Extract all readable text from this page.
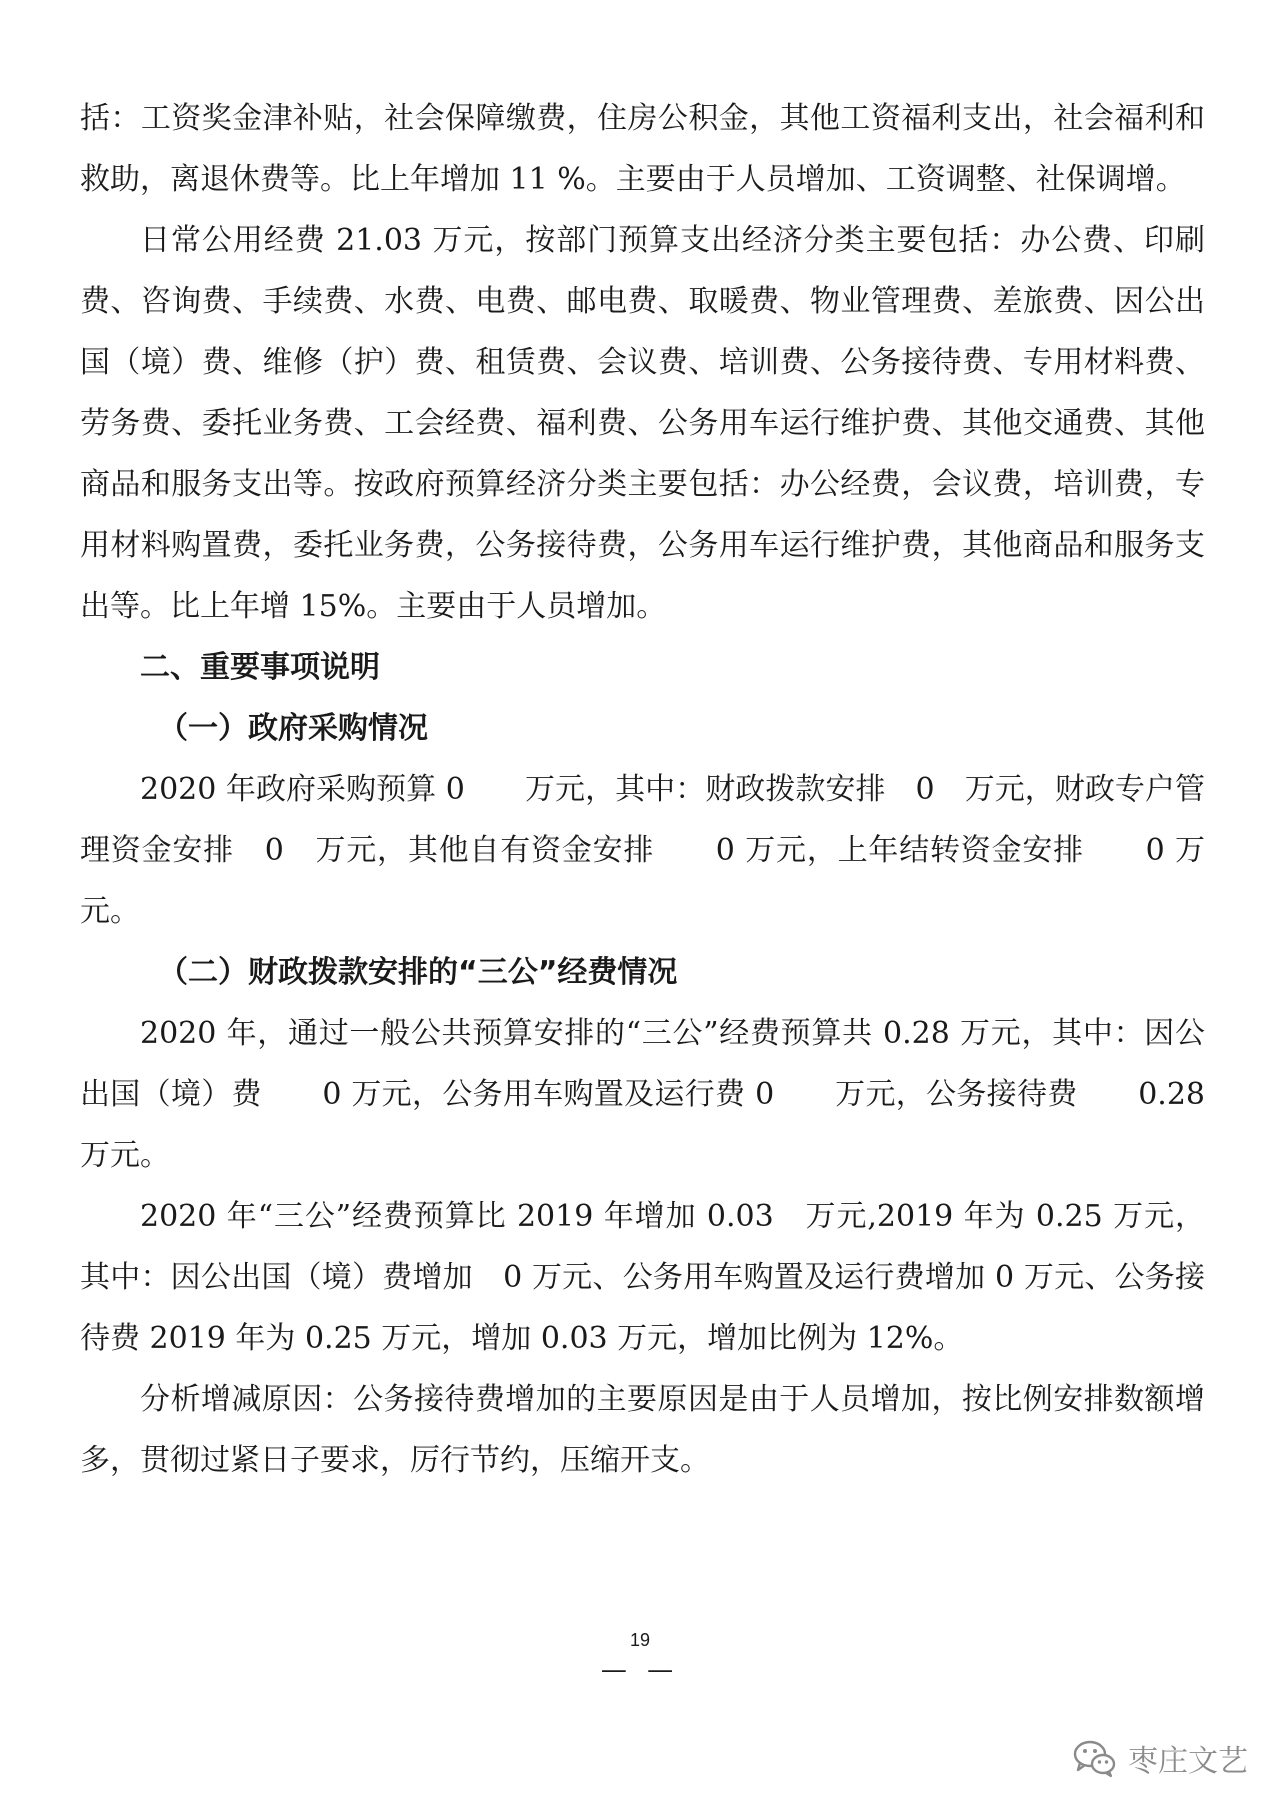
括：工资奖金津补贴，社会保障缴费，住房公积金，其他工资福利支出，社会福利和救助，离退休费等。比上年增加 11 %。主要由于人员增加、工资调整、社保调增。

日常公用经费 21.03 万元，按部门预算支出经济分类主要包括：办公费、印刷费、咨询费、手续费、水费、电费、邮电费、取暖费、物业管理费、差旅费、因公出国（境）费、维修（护）费、租赁费、会议费、培训费、公务接待费、专用材料费、劳务费、委托业务费、工会经费、福利费、公务用车运行维护费、其他交通费、其他商品和服务支出等。按政府预算经济分类主要包括：办公经费，会议费，培训费，专用材料购置费，委托业务费，公务接待费，公务用车运行维护费，其他商品和服务支出等。比上年增 15%。主要由于人员增加。

二、重要事项说明

（一）政府采购情况

2020 年政府采购预算 0　　万元，其中：财政拨款安排　0　万元，财政专户管理资金安排　0　万元，其他自有资金安排　　0 万元，上年结转资金安排　　0 万元。

（二）财政拨款安排的“三公”经费情况

2020 年，通过一般公共预算安排的“三公”经费预算共 0.28 万元，其中：因公出国（境）费　　0 万元，公务用车购置及运行费 0　　万元，公务接待费　　0.28 万元。

2020 年“三公”经费预算比 2019 年增加 0.03　万元,2019 年为 0.25 万元，其中：因公出国（境）费增加　0 万元、公务用车购置及运行费增加 0 万元、公务接待费 2019 年为 0.25 万元，增加 0.03 万元，增加比例为 12%。

分析增减原因：公务接待费增加的主要原因是由于人员增加，按比例安排数额增多，贯彻过紧日子要求，厉行节约，压缩开支。

19
— —
枣庄文艺
